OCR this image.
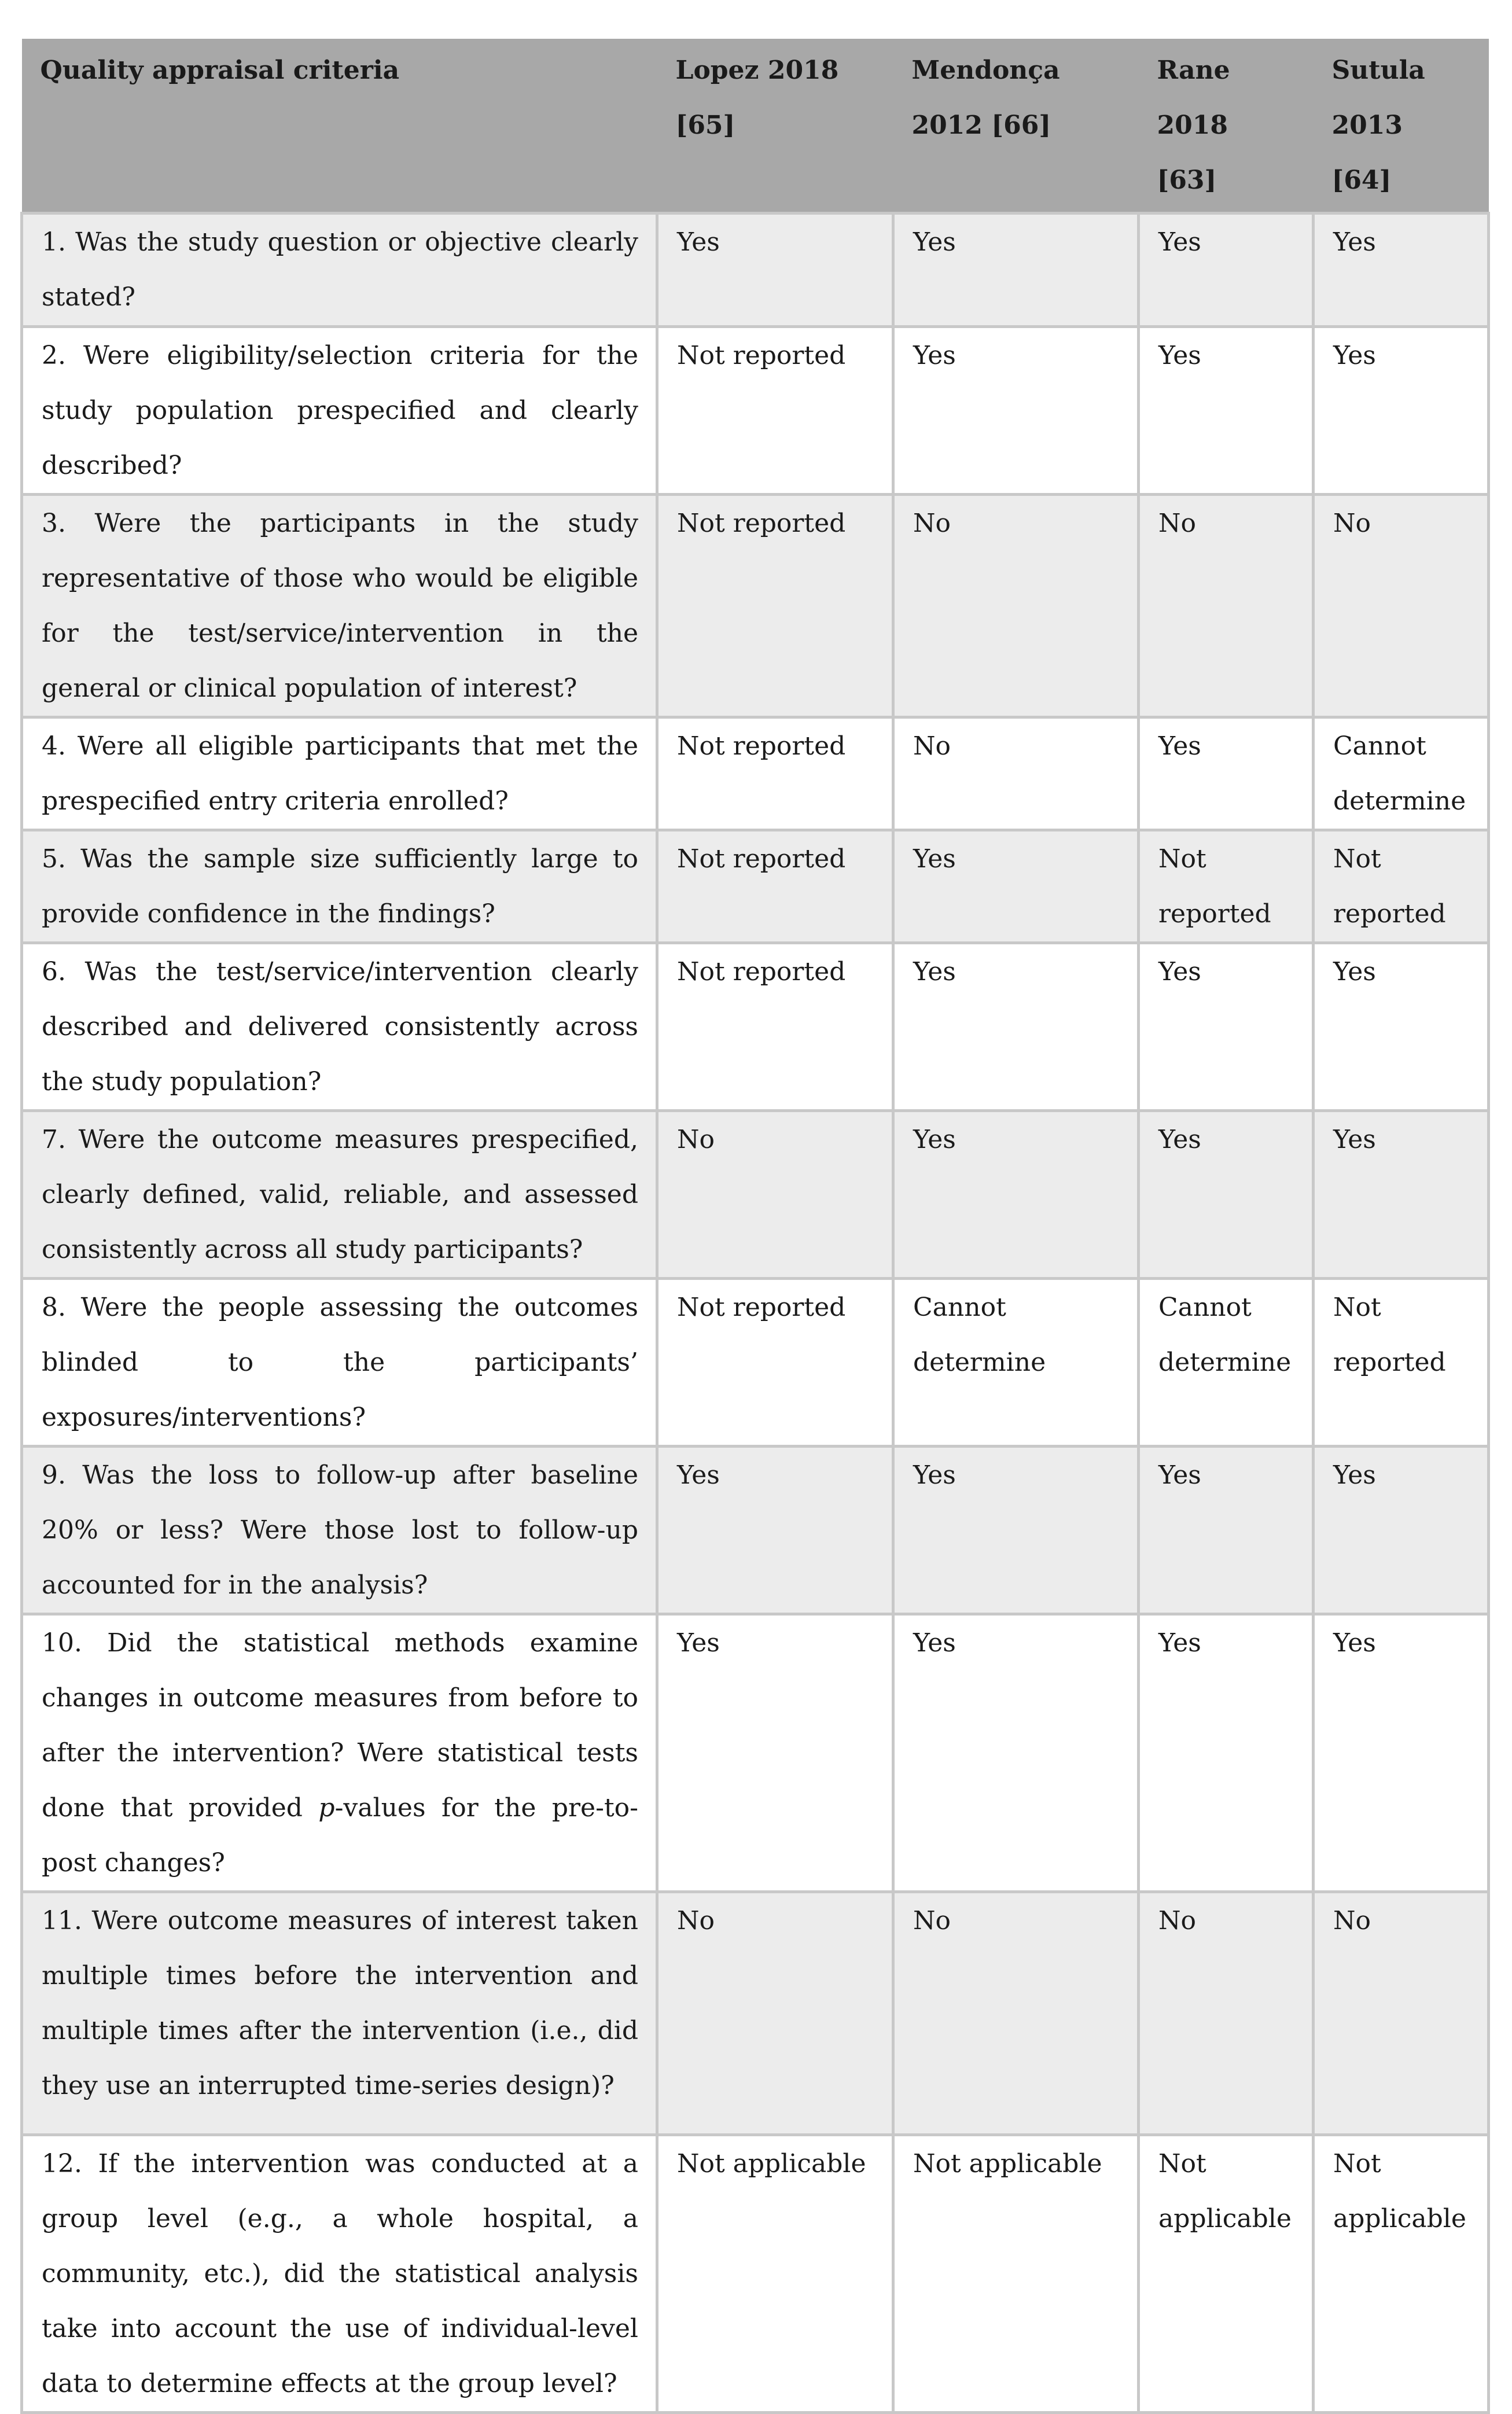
Quality appraisal criteria	Lopez 2018 [65]	Mendonça 2012 [66]	Rane 2018 [63]	Sutula 2013 [64]
1. Was the study question or objective clearly stated?	Yes	Yes	Yes	Yes
2. Were eligibility/selection criteria for the study population prespecified and clearly described?	Not reported	Yes	Yes	Yes
3. Were the participants in the study representative of those who would be eligible for the test/service/intervention in the general or clinical population of interest?	Not reported	No	No	No
4. Were all eligible participants that met the prespecified entry criteria enrolled?	Not reported	No	Yes	Cannot determine
5. Was the sample size sufficiently large to provide confidence in the findings?	Not reported	Yes	Not reported	Not reported
6. Was the test/service/intervention clearly described and delivered consistently across the study population?	Not reported	Yes	Yes	Yes
7. Were the outcome measures prespecified, clearly defined, valid, reliable, and assessed consistently across all study participants?	No	Yes	Yes	Yes
8. Were the people assessing the outcomes blinded to the participants’ exposures/interventions?	Not reported	Cannot determine	Cannot determine	Not reported
9. Was the loss to follow-up after baseline 20% or less? Were those lost to follow-up accounted for in the analysis?	Yes	Yes	Yes	Yes
10. Did the statistical methods examine changes in outcome measures from before to after the intervention? Were statistical tests done that provided p-values for the pre-to-post changes?	Yes	Yes	Yes	Yes
11. Were outcome measures of interest taken multiple times before the intervention and multiple times after the intervention (i.e., did they use an interrupted time-series design)?	No	No	No	No
12. If the intervention was conducted at a group level (e.g., a whole hospital, a community, etc.), did the statistical analysis take into account the use of individual-level data to determine effects at the group level?	Not applicable	Not applicable	Not applicable	Not applicable
